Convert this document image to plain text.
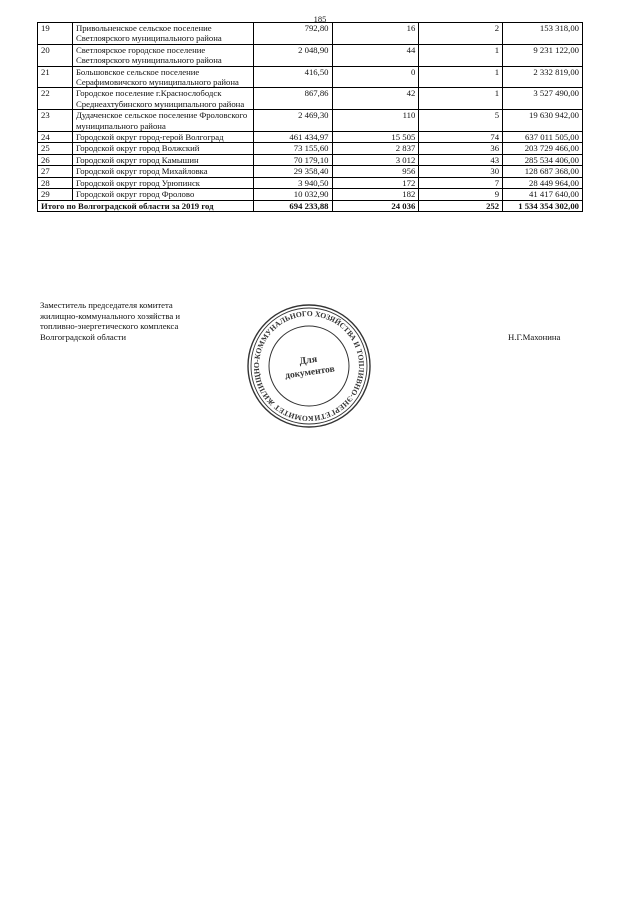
185
19	Привольненское сельское поселение Светлоярского муниципального района	792,80	16	2	153 318,00
20	Светлоярское городское поселение Светлоярского муниципального района	2 048,90	44	1	9 231 122,00
21	Большовское сельское поселение Серафимовичского муниципального района	416,50	0	1	2 332 819,00
22	Городское поселение г.Краснослободск Среднеахтубинского муниципального района	867,86	42	1	3 527 490,00
23	Дудаченское сельское поселение Фроловского муниципального района	2 469,30	110	5	19 630 942,00
24	Городской округ город-герой Волгоград	461 434,97	15 505	74	637 011 505,00
25	Городской округ город Волжский	73 155,60	2 837	36	203 729 466,00
26	Городской округ город Камышин	70 179,10	3 012	43	285 534 406,00
27	Городской округ город Михайловка	29 358,40	956	30	128 687 368,00
28	Городской округ город Урюпинск	3 940,50	172	7	28 449 964,00
29	Городской округ город Фролово	10 032,90	182	9	41 417 640,00
Итого по Волгоградской области за 2019 год		694 233,88	24 036	252	1 534 354 302,00
Заместитель председателя комитета
жилищно-коммунального хозяйства и
топливно-энергетического комплекса
Волгоградской области	Н.Г.Махонина
КОМИТЕТ ЖИЛИЩНО-КОММУНАЛЬНОГО ХОЗЯЙСТВА И ТОПЛИВНО-ЭНЕРГЕТИЧЕСКОГО
Для
документов
